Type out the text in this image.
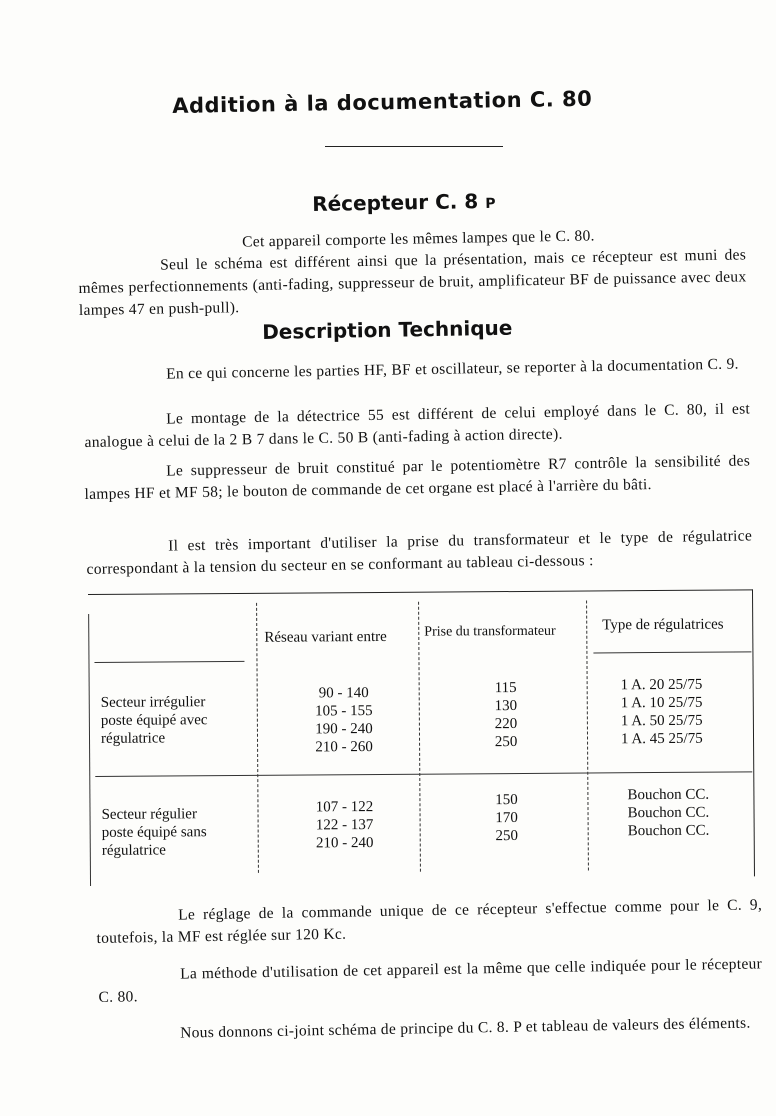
Addition à la documentation C. 80
Récepteur C. 8 P
Cet appareil comporte les mêmes lampes que le C. 80.
Seul le schéma est différent ainsi que la présentation, mais ce récepteur est muni des mêmes perfectionnements (anti-fading, suppresseur de bruit, amplificateur BF de puissance avec deux lampes 47 en push-pull).
Description Technique
En ce qui concerne les parties HF, BF et oscillateur, se reporter à la documentation C. 9.
Le montage de la détectrice 55 est différent de celui employé dans le C. 80, il est analogue à celui de la 2 B 7 dans le C. 50 B (anti-fading à action directe).
Le suppresseur de bruit constitué par le potentiomètre R7 contrôle la sensibilité des lampes HF et MF 58; le bouton de commande de cet organe est placé à l'arrière du bâti.
Il est très important d'utiliser la prise du transformateur et le type de régulatrice correspondant à la tension du secteur en se conformant au tableau ci-dessous :
Réseau variant entre	Prise du transformateur	Type de régulatrices
Secteur irrégulier
poste équipé avec
régulatrice
90 - 140
105 - 155
190 - 240
210 - 260
115
130
220
250
1 A. 20 25/75
1 A. 10 25/75
1 A. 50 25/75
1 A. 45 25/75
Secteur régulier
poste équipé sans
régulatrice
107 - 122
122 - 137
210 - 240
150
170
250
Bouchon CC.
Bouchon CC.
Bouchon CC.
Le réglage de la commande unique de ce récepteur s'effectue comme pour le C. 9, toutefois, la MF est réglée sur 120 Kc.
La méthode d'utilisation de cet appareil est la même que celle indiquée pour le récepteur C. 80.
Nous donnons ci-joint schéma de principe du C. 8. P et tableau de valeurs des éléments.
